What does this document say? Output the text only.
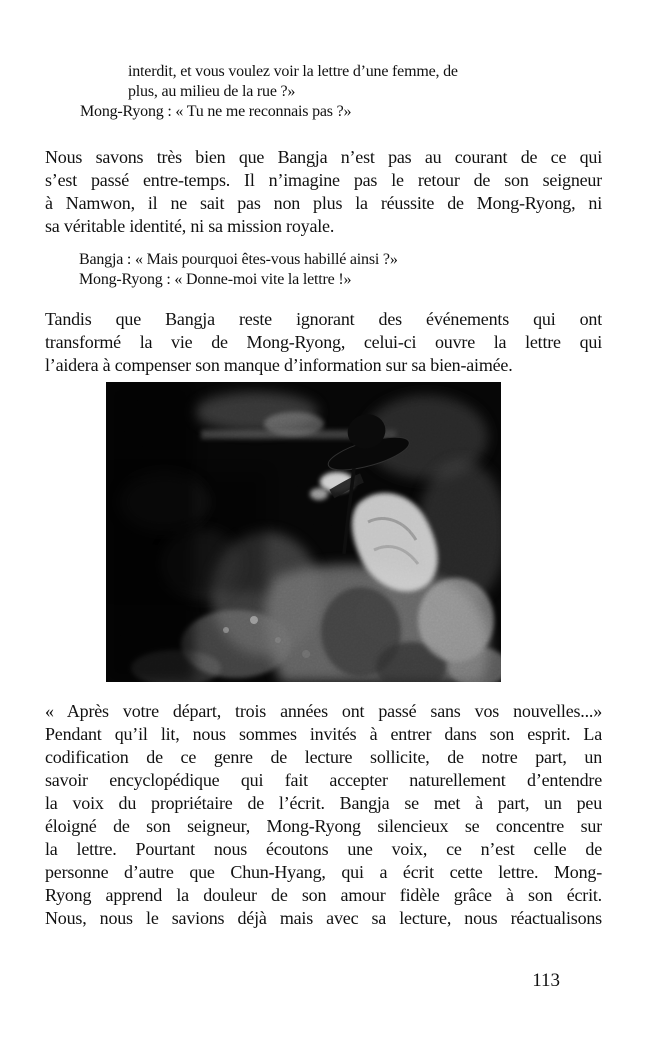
interdit, et vous voulez voir la lettre d’une femme, de
plus, au milieu de la rue ?»
Mong-Ryong : « Tu ne me reconnais pas ?»
Nous savons très bien que Bangja n’est pas au courant de ce qui
s’est passé entre-temps. Il n’imagine pas le retour de son seigneur
à Namwon, il ne sait pas non plus la réussite de Mong-Ryong, ni
sa véritable identité, ni sa mission royale.
Bangja : « Mais pourquoi êtes-vous habillé ainsi ?»
Mong-Ryong : « Donne-moi vite la lettre !»
Tandis que Bangja reste ignorant des événements qui ont
transformé la vie de Mong-Ryong, celui-ci ouvre la lettre qui
l’aidera à compenser son manque d’information sur sa bien-aimée.
« Après votre départ, trois années ont passé sans vos nouvelles...»
Pendant qu’il lit, nous sommes invités à entrer dans son esprit. La
codification de ce genre de lecture sollicite, de notre part, un
savoir encyclopédique qui fait accepter naturellement d’entendre
la voix du propriétaire de l’écrit. Bangja se met à part, un peu
éloigné de son seigneur, Mong-Ryong silencieux se concentre sur
la lettre. Pourtant nous écoutons une voix, ce n’est celle de
personne d’autre que Chun-Hyang, qui a écrit cette lettre. Mong-
Ryong apprend la douleur de son amour fidèle grâce à son écrit.
Nous, nous le savions déjà mais avec sa lecture, nous réactualisons
113
